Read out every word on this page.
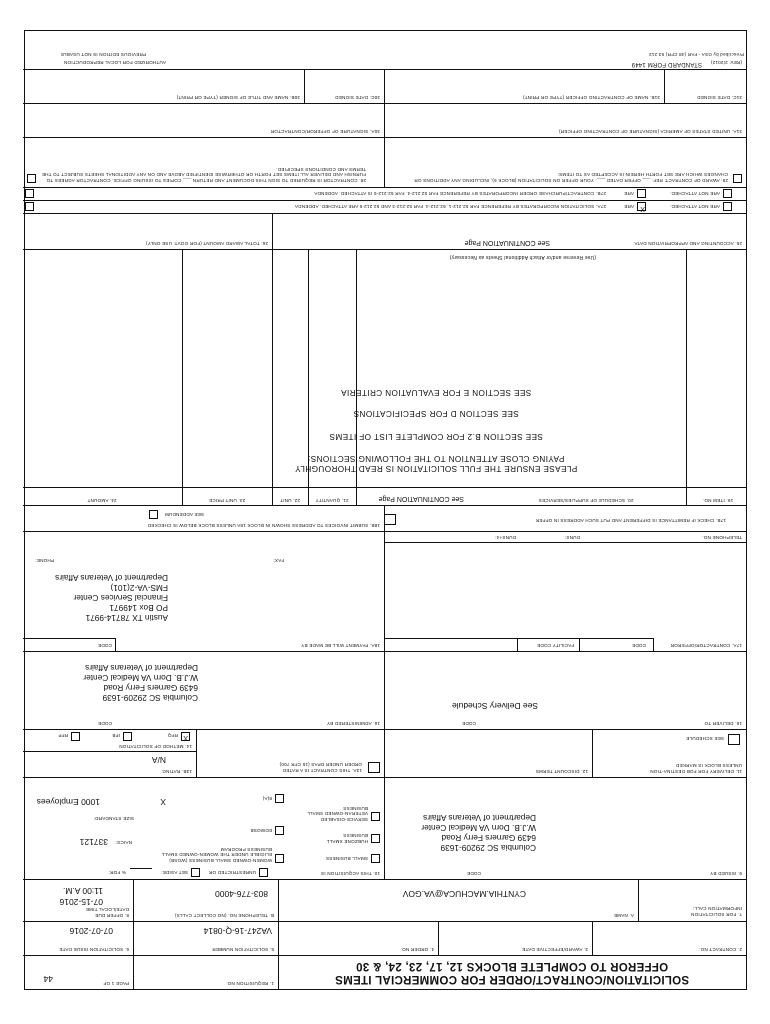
SOLICITATION/CONTRACT/ORDER FOR COMMERCIAL ITEMS
OFFEROR TO COMPLETE BLOCKS 12, 17, 23, 24, & 30
1. REQUISITION NO.
PAGE 1 OF
44
2. CONTRACT NO.
3. AWARD/EFFECTIVE DATE
4. ORDER NO.
5. SOLICITATION NUMBER
VA247-16-Q-0814
6. SOLICITATION ISSUE DATE
07-07-2016
7. FOR SOLICITATION INFORMATION CALL:
A. NAME
CYNTHIA.MACHUCA@VA.GOV
B. TELEPHONE NO. (NO COLLECT CALLS)
803-776-4000
8. OFFER DUE DATE/LOCAL TIME
07-15-2016
11:00 A.M.
9. ISSUED BY
CODE
Columbia SC 29209-1639
6439 Garners Ferry Road
W.J.B. Dorn VA Medical Center
Department of Veterans Affairs
10. THIS ACQUISITION IS
UNRESTRICTED OR
SET ASIDE:
% FOR:
SMALL BUSINESS
WOMEN-OWNED SMALL BUSINESS (WOSB) ELIGIBLE UNDER THE WOMEN-OWNED SMALL BUSINESS PROGRAM
NAICS:
337121	HUBZONE SMALL BUSINESS
EDWOSB
SERVICE-DISABLED VETERAN-OWNED SMALL BUSINESS
SIZE STANDARD:
8(A)
X
1000 Employees
11. DELIVERY FOR FOB DESTINA-TION UNLESS BLOCK IS MARKED
SEE SCHEDULE
12. DISCOUNT TERMS
13A. THIS CONTRACT IS A RATED ORDER UNDER DPAS (15 CFR 700)
13B. RATING
N/A
14. METHOD OF SOLICITATION
X
RFQ
IFB
RFP
15. DELIVER TO
CODE
See Delivery Schedule
16. ADMINISTERED BY
CODE
Columbia SC 29209-1639
6439 Garners Ferry Road
W.J.B. Dorn VA Medical Center
Department of Veterans Affairs
17A. CONTRACTOR/OFFEROR
CODE
FACILITY CODE
TELEPHONE NO.
DUNS:
DUNS+4:
18A. PAYMENT WILL BE MADE BY
CODE
Austin TX 78714-9971
PO Box 149971
Financial Services Center
FMS-VA-2(101)
Department of Veterans Affairs
FAX:
PHONE:
17B. CHECK IF REMITTANCE IS DIFFERENT AND PUT SUCH ADDRESS IN OFFER
18B. SUBMIT INVOICES TO ADDRESS SHOWN IN BLOCK 18A UNLESS BLOCK BELOW IS CHECKED
SEE ADDENDUM
19. ITEM NO.
20. SCHEDULE OF SUPPLIES/SERVICES
See CONTINUATION Page
21. QUANTITY
22. UNIT
23. UNIT PRICE
24. AMOUNT
(Use Reverse and/or Attach Additional Sheets as Necessary)
SEE SECTION E FOR EVALUATION CRITERIA
SEE SECTION D FOR SPECIFICATIONS
SEE SECTION B.2 FOR COMPLETE LIST OF ITEMS
PAYING CLOSE ATTENTION TO THE FOLLOWING SECTIONS:
PLEASE ENSURE THE FULL SOLICITATION IS READ THOROUGHLY
25. ACCOUNTING AND APPROPRIATION DATA
See CONTINUATION Page
26. TOTAL AWARD AMOUNT (FOR GOVT. USE ONLY)
ARE NOT ATTACHED.
X
ARE
27A. SOLICITATION INCORPORATES BY REFERENCE FAR 52.212-1, 52.212-4. FAR 52.212-3 AND 52.212-5 ARE ATTACHED. ADDENDA
ARE NOT ATTACHED.
ARE
27B. CONTRACT/PURCHASE ORDER INCORPORATES BY REFERENCE FAR 52.212-4. FAR 52.212-5 IS ATTACHED. ADDENDA
29. AWARD OF CONTRACT: REF. ___ OFFER DATED ___. YOUR OFFER ON SOLICITATION (BLOCK 5), INCLUDING ANY ADDITIONS OR CHANGES WHICH ARE SET FORTH HEREIN IS ACCEPTED AS TO ITEMS:
28. CONTRACTOR IS REQUIRED TO SIGN THIS DOCUMENT AND RETURN ___ COPIES TO ISSUING OFFICE. CONTRACTOR AGREES TO FURNISH AND DELIVER ALL ITEMS SET FORTH OR OTHERWISE IDENTIFIED ABOVE AND ON ANY ADDITIONAL SHEETS SUBJECT TO THE TERMS AND CONDITIONS SPECIFIED.
31A. UNITED STATES OF AMERICA (SIGNATURE OF CONTRACTING OFFICER)
30A. SIGNATURE OF OFFEROR/CONTRACTOR
31C. DATE SIGNED
31B. NAME OF CONTRACTING OFFICER (TYPE OR PRINT)
30C. DATE SIGNED
30B. NAME AND TITLE OF SIGNER (TYPE OR PRINT)
Prescribed by GSA - FAR (48 CFR) 53.212
(REV. 2/2012)
STANDARD FORM 1449
PREVIOUS EDITION IS NOT USABLE
AUTHORIZED FOR LOCAL REPRODUCTION
